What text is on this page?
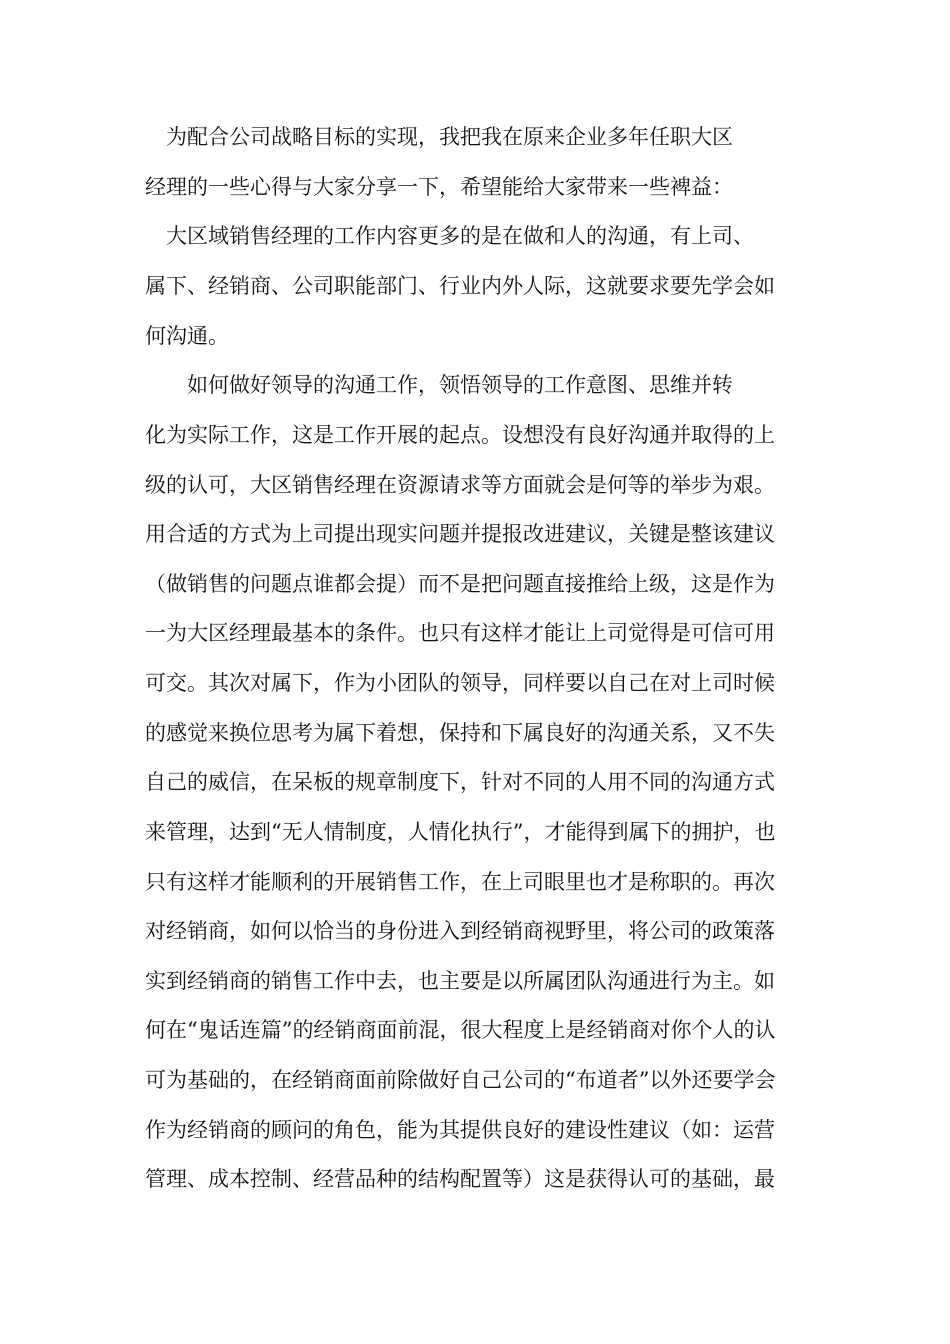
　为配合公司战略目标的实现，我把我在原来企业多年任职大区

经理的一些心得与大家分享一下，希望能给大家带来一些裨益：

　大区域销售经理的工作内容更多的是在做和人的沟通，有上司、

属下、经销商、公司职能部门、行业内外人际，这就要求要先学会如

何沟通。

　　如何做好领导的沟通工作，领悟领导的工作意图、思维并转

化为实际工作，这是工作开展的起点。设想没有良好沟通并取得的上

级的认可，大区销售经理在资源请求等方面就会是何等的举步为艰。

用合适的方式为上司提出现实问题并提报改进建议，关键是整该建议

（做销售的问题点谁都会提）而不是把问题直接推给上级，这是作为

一为大区经理最基本的条件。也只有这样才能让上司觉得是可信可用

可交。其次对属下，作为小团队的领导，同样要以自己在对上司时候

的感觉来换位思考为属下着想，保持和下属良好的沟通关系，又不失

自己的威信，在呆板的规章制度下，针对不同的人用不同的沟通方式

来管理，达到“无人情制度，人情化执行”，才能得到属下的拥护，也

只有这样才能顺利的开展销售工作，在上司眼里也才是称职的。再次

对经销商，如何以恰当的身份进入到经销商视野里，将公司的政策落

实到经销商的销售工作中去，也主要是以所属团队沟通进行为主。如

何在“鬼话连篇”的经销商面前混，很大程度上是经销商对你个人的认

可为基础的，在经销商面前除做好自己公司的“布道者”以外还要学会

作为经销商的顾问的角色，能为其提供良好的建设性建议（如：运营

管理、成本控制、经营品种的结构配置等）这是获得认可的基础，最
